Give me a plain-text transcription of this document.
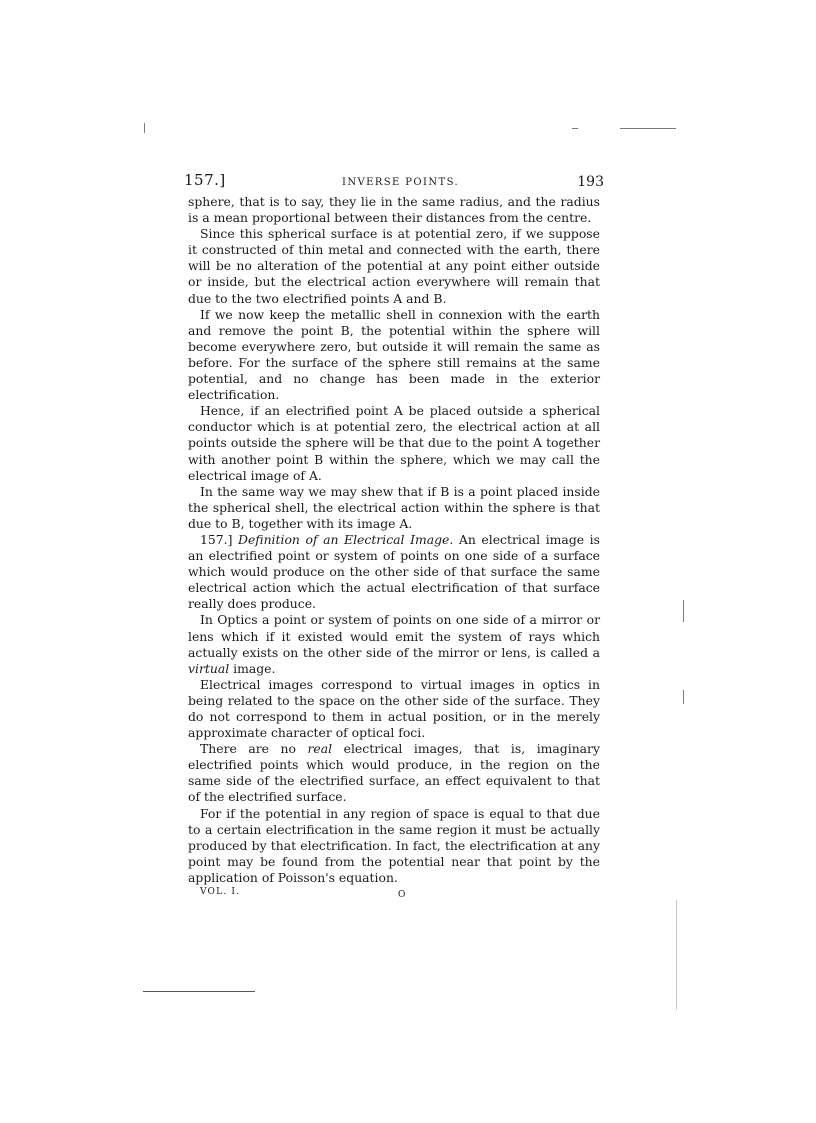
157.]	INVERSE POINTS.	193

sphere, that is to say, they lie in the same radius, and the radius is a mean proportional between their distances from the centre.

Since this spherical surface is at potential zero, if we suppose it constructed of thin metal and connected with the earth, there will be no alteration of the potential at any point either outside or inside, but the electrical action everywhere will remain that due to the two electrified points A and B.

If we now keep the metallic shell in connexion with the earth and remove the point B, the potential within the sphere will become everywhere zero, but outside it will remain the same as before. For the surface of the sphere still remains at the same potential, and no change has been made in the exterior electrification.

Hence, if an electrified point A be placed outside a spherical conductor which is at potential zero, the electrical action at all points outside the sphere will be that due to the point A together with another point B within the sphere, which we may call the electrical image of A.

In the same way we may shew that if B is a point placed inside the spherical shell, the electrical action within the sphere is that due to B, together with its image A.

157.] Definition of an Electrical Image. An electrical image is an electrified point or system of points on one side of a surface which would produce on the other side of that surface the same electrical action which the actual electrification of that surface really does produce.

In Optics a point or system of points on one side of a mirror or lens which if it existed would emit the system of rays which actually exists on the other side of the mirror or lens, is called a virtual image.

Electrical images correspond to virtual images in optics in being related to the space on the other side of the surface. They do not correspond to them in actual position, or in the merely approximate character of optical foci.

There are no real electrical images, that is, imaginary electrified points which would produce, in the region on the same side of the electrified surface, an effect equivalent to that of the electrified surface.

For if the potential in any region of space is equal to that due to a certain electrification in the same region it must be actually produced by that electrification. In fact, the electrification at any point may be found from the potential near that point by the application of Poisson's equation.

VOL. I.	O
